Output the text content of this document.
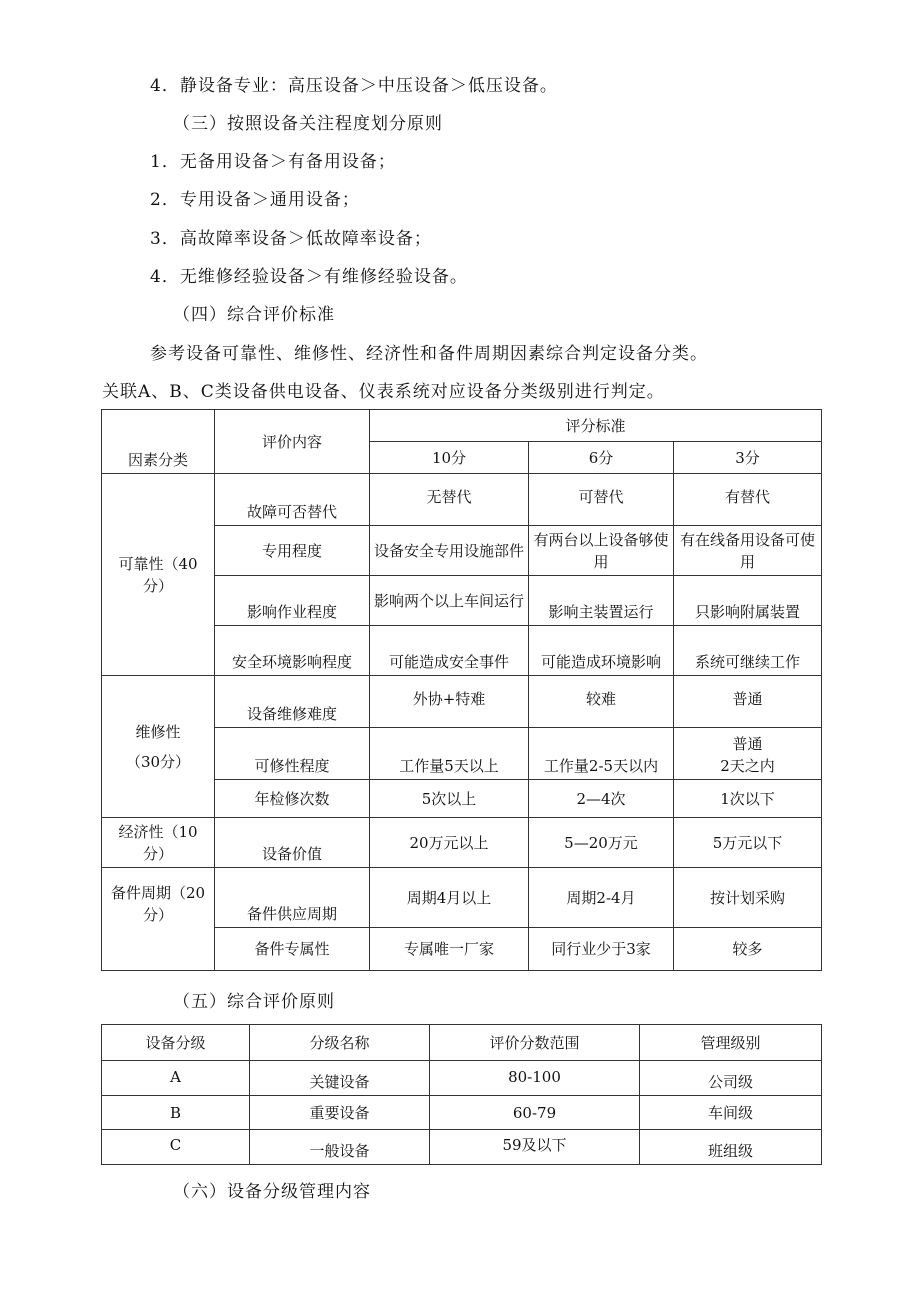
4．静设备专业：高压设备＞中压设备＞低压设备。
（三）按照设备关注程度划分原则
1．无备用设备＞有备用设备；
2．专用设备＞通用设备；
3．高故障率设备＞低故障率设备；
4．无维修经验设备＞有维修经验设备。
（四）综合评价标准
参考设备可靠性、维修性、经济性和备件周期因素综合判定设备分类。
关联A、B、C类设备供电设备、仪表系统对应设备分类级别进行判定。
因素分类	评价内容	评分标准		
		10分	6分	3分

可靠性（40分）	故障可否替代	无替代	可替代	有替代
	专用程度	设备安全专用设施部件	有两台以上设备够使用	有在线备用设备可使用
	影响作业程度	影响两个以上车间运行	影响主装置运行	只影响附属装置
	安全环境影响程度	可能造成安全事件	可能造成环境影响	系统可继续工作

维修性
（30分）	设备维修难度	外协+特难	较难	普通
	可修性程度	工作量5天以上	工作量2-5天以内	普通
2天之内

	年检修次数	5次以上	2—4次	1次以下

经济性（10分）	设备价值	20万元以上	5—20万元	5万元以下

备件周期（20分）	备件供应周期	周期4月以上	周期2-4月	按计划采购
	备件专属性	专属唯一厂家	同行业少于3家	较多
（五）综合评价原则
设备分级	分级名称	评价分数范围	管理级别
A	关键设备	80-100	公司级
B	重要设备	60-79	车间级
C	一般设备	59及以下	班组级
（六）设备分级管理内容
